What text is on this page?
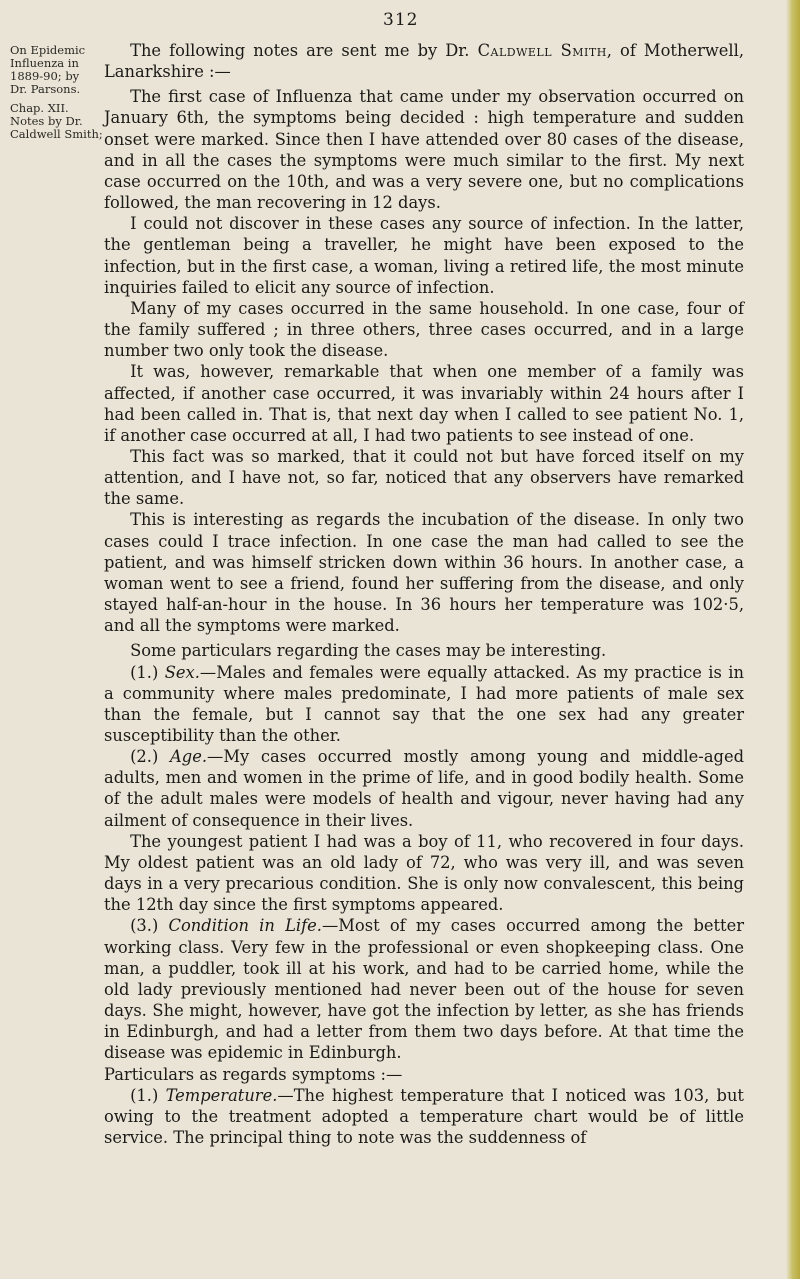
312
On Epidemic
Influenza in
1889-90; by
Dr. Parsons.
Chap. XII.
Notes by Dr.
Caldwell Smith;

The following notes are sent me by Dr. Caldwell Smith, of Motherwell, Lanarkshire :—

The first case of Influenza that came under my observation occurred on January 6th, the symptoms being decided : high temperature and sudden onset were marked. Since then I have attended over 80 cases of the disease, and in all the cases the symptoms were much similar to the first. My next case occurred on the 10th, and was a very severe one, but no complications followed, the man recovering in 12 days.

I could not discover in these cases any source of infection. In the latter, the gentleman being a traveller, he might have been exposed to the infection, but in the first case, a woman, living a retired life, the most minute inquiries failed to elicit any source of infection.

Many of my cases occurred in the same household. In one case, four of the family suffered ; in three others, three cases occurred, and in a large number two only took the disease.

It was, however, remarkable that when one member of a family was affected, if another case occurred, it was invariably within 24 hours after I had been called in. That is, that next day when I called to see patient No. 1, if another case occurred at all, I had two patients to see instead of one.

This fact was so marked, that it could not but have forced itself on my attention, and I have not, so far, noticed that any observers have remarked the same.

This is interesting as regards the incubation of the disease. In only two cases could I trace infection. In one case the man had called to see the patient, and was himself stricken down within 36 hours. In another case, a woman went to see a friend, found her suffering from the disease, and only stayed half-an-hour in the house. In 36 hours her temperature was 102·5, and all the symptoms were marked.

Some particulars regarding the cases may be interesting.

(1.) Sex.—Males and females were equally attacked. As my practice is in a community where males predominate, I had more patients of male sex than the female, but I cannot say that the one sex had any greater susceptibility than the other.

(2.) Age.—My cases occurred mostly among young and middle-aged adults, men and women in the prime of life, and in good bodily health. Some of the adult males were models of health and vigour, never having had any ailment of consequence in their lives.

The youngest patient I had was a boy of 11, who recovered in four days. My oldest patient was an old lady of 72, who was very ill, and was seven days in a very precarious condition. She is only now convalescent, this being the 12th day since the first symptoms appeared.

(3.) Condition in Life.—Most of my cases occurred among the better working class. Very few in the professional or even shopkeeping class. One man, a puddler, took ill at his work, and had to be carried home, while the old lady previously mentioned had never been out of the house for seven days. She might, however, have got the infection by letter, as she has friends in Edinburgh, and had a letter from them two days before. At that time the disease was epidemic in Edinburgh.

Particulars as regards symptoms :—

(1.) Temperature.—The highest temperature that I noticed was 103, but owing to the treatment adopted a temperature chart would be of little service. The principal thing to note was the suddenness of
